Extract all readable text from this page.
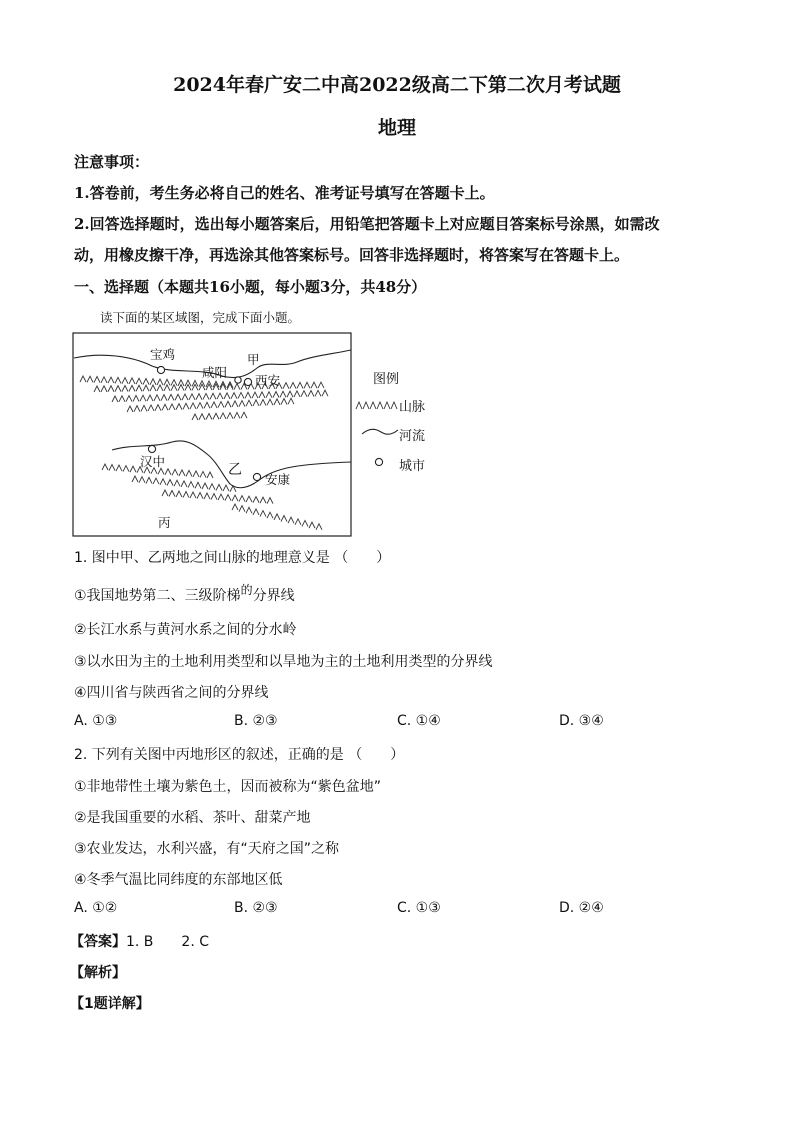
2024年春广安二中高2022级高二下第二次月考试题
地理
注意事项：
1.答卷前，考生务必将自己的姓名、准考证号填写在答题卡上。
2.回答选择题时，选出每小题答案后，用铅笔把答题卡上对应题目答案标号涂黑，如需改
动，用橡皮擦干净，再选涂其他答案标号。回答非选择题时，将答案写在答题卡上。
一、选择题（本题共16小题，每小题3分，共48分）
读下面的某区域图，完成下面小题。
宝鸡	甲
咸阳
西安
汉中
乙
安康
丙
图例
山脉
河流
城市
1. 图中甲、乙两地之间山脉的地理意义是 （　　）
①我国地势第二、三级阶梯的分界线
②长江水系与黄河水系之间的分水岭
③以水田为主的土地利用类型和以旱地为主的土地利用类型的分界线
④四川省与陕西省之间的分界线
A. ①③	B. ②③	C. ①④	D. ③④
2. 下列有关图中丙地形区的叙述，正确的是 （　　）
①非地带性土壤为紫色土，因而被称为“紫色盆地”
②是我国重要的水稻、茶叶、甜菜产地
③农业发达，水利兴盛，有“天府之国”之称
④冬季气温比同纬度的东部地区低
A. ①②	B. ②③	C. ①③	D. ②④
【答案】1. B　　2. C
【解析】
【1题详解】
